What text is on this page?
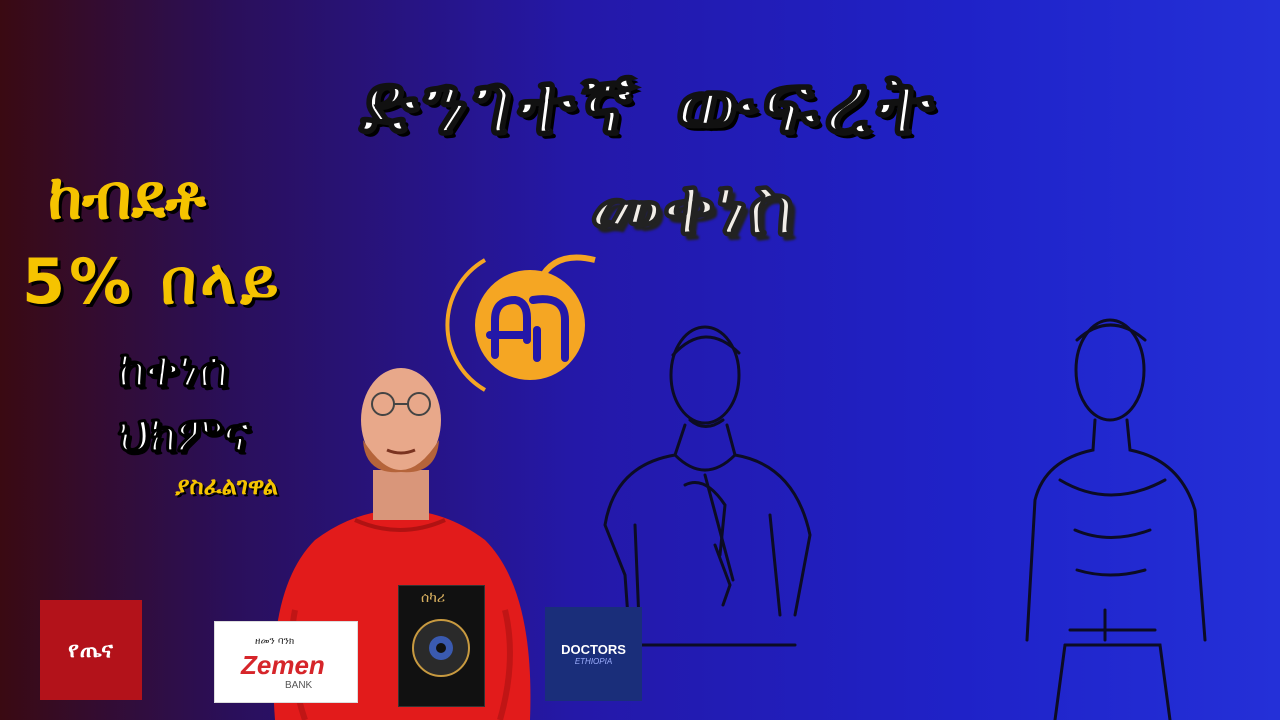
ድንገተኛ ውፍረት
መቀነስ
ከብደቶ
5% በላይ
ከቀነሰ
ህክምና
ያስፈልገዋል
የጤና	ዘመን ባንክ
Zemen
BANK
ሰካሪ
DOCTORS
ETHIOPIA
